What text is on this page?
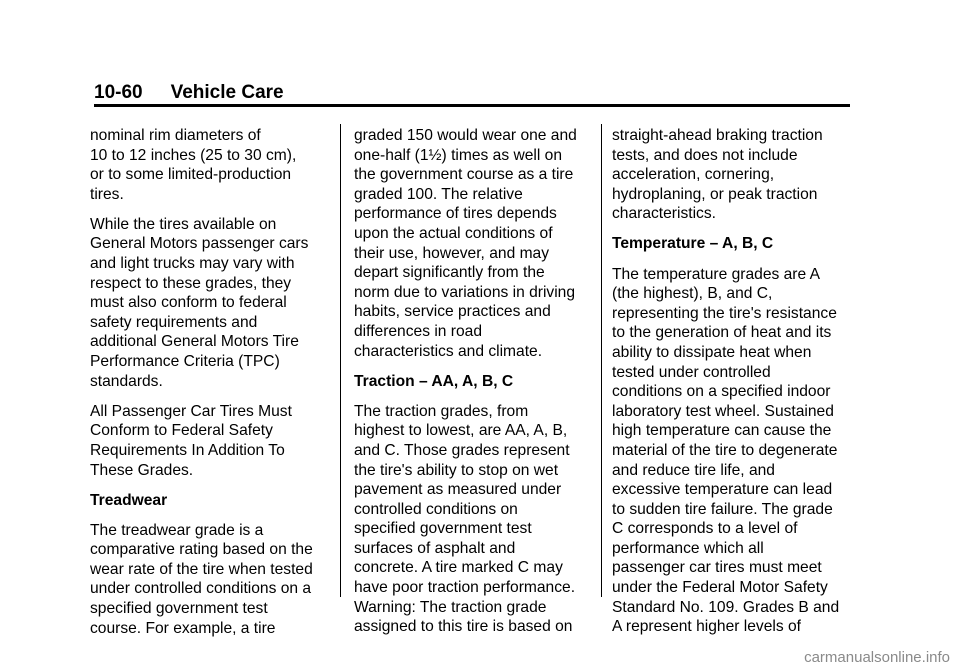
10-60 Vehicle Care

nominal rim diameters of
10 to 12 inches (25 to 30 cm),
or to some limited-production
tires.

While the tires available on
General Motors passenger cars
and light trucks may vary with
respect to these grades, they
must also conform to federal
safety requirements and
additional General Motors Tire
Performance Criteria (TPC)
standards.

All Passenger Car Tires Must
Conform to Federal Safety
Requirements In Addition To
These Grades.

Treadwear

The treadwear grade is a
comparative rating based on the
wear rate of the tire when tested
under controlled conditions on a
specified government test
course. For example, a tire

graded 150 would wear one and
one-half (1½) times as well on
the government course as a tire
graded 100. The relative
performance of tires depends
upon the actual conditions of
their use, however, and may
depart significantly from the
norm due to variations in driving
habits, service practices and
differences in road
characteristics and climate.

Traction – AA, A, B, C

The traction grades, from
highest to lowest, are AA, A, B,
and C. Those grades represent
the tire's ability to stop on wet
pavement as measured under
controlled conditions on
specified government test
surfaces of asphalt and
concrete. A tire marked C may
have poor traction performance.
Warning: The traction grade
assigned to this tire is based on

straight-ahead braking traction
tests, and does not include
acceleration, cornering,
hydroplaning, or peak traction
characteristics.

Temperature – A, B, C

The temperature grades are A
(the highest), B, and C,
representing the tire's resistance
to the generation of heat and its
ability to dissipate heat when
tested under controlled
conditions on a specified indoor
laboratory test wheel. Sustained
high temperature can cause the
material of the tire to degenerate
and reduce tire life, and
excessive temperature can lead
to sudden tire failure. The grade
C corresponds to a level of
performance which all
passenger car tires must meet
under the Federal Motor Safety
Standard No. 109. Grades B and
A represent higher levels of

carmanualsonline.info
